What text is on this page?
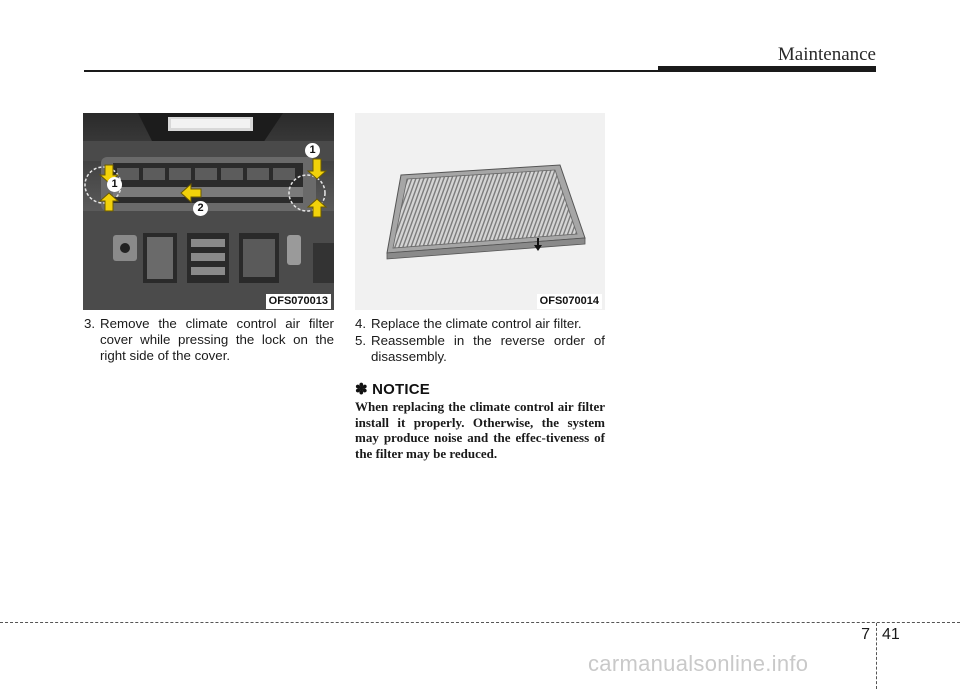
Maintenance
1
1
2
OFS070013	OFS070014
3. Remove the climate control air filter cover while pressing the lock on the right side of the cover.
4. Replace the climate control air filter.
5. Reassemble in the reverse order of disassembly.
✽ NOTICE
When replacing the climate control air filter install it properly. Otherwise, the system may produce noise and the effec-tiveness of the filter may be reduced.
7 41
carmanualsonline.info
